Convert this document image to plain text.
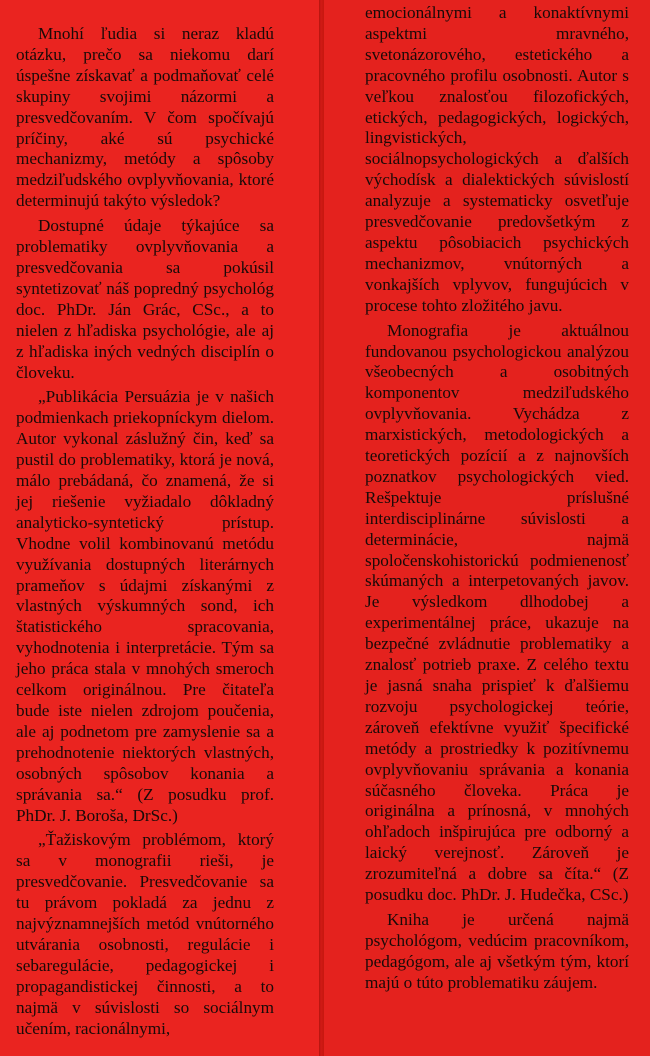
Mnohí ľudia si neraz kladú otázku, prečo sa niekomu darí úspešne získavať a podmaňovať celé skupiny svojimi názormi a presvedčovaním. V čom spočívajú príčiny, aké sú psychické mechanizmy, metódy a spôsoby medziľudského ovplyvňovania, ktoré determinujú takýto výsledok?

Dostupné údaje týkajúce sa problematiky ovplyvňovania a presvedčovania sa pokúsil syntetizovať náš popredný psychológ doc. PhDr. Ján Grác, CSc., a to nielen z hľadiska psychológie, ale aj z hľadiska iných vedných disciplín o človeku.

„Publikácia Persuázia je v našich podmienkach priekopníckym dielom. Autor vykonal záslužný čin, keď sa pustil do problematiky, ktorá je nová, málo prebádaná, čo znamená, že si jej riešenie vyžiadalo dôkladný analyticko-syntetický prístup. Vhodne volil kombinovanú metódu využívania dostupných literárnych prameňov s údajmi získanými z vlastných výskumných sond, ich štatistického spracovania, vyhodnotenia i interpretácie. Tým sa jeho práca stala v mnohých smeroch celkom originálnou. Pre čitateľa bude iste nielen zdrojom poučenia, ale aj podnetom pre zamyslenie sa a prehodnotenie niektorých vlastných, osobných spôsobov konania a správania sa.“ (Z posudku prof. PhDr. J. Boroša, DrSc.)

„Ťažiskovým problémom, ktorý sa v monografii rieši, je presvedčovanie. Presvedčovanie sa tu právom pokladá za jednu z najvýznamnejších metód vnútorného utvárania osobnosti, regulácie i sebaregulácie, pedagogickej i propagandistickej činnosti, a to najmä v súvislosti so sociálnym učením, racionálnymi,

emocionálnymi a konaktívnymi aspektmi mravného, svetonázorového, estetického a pracovného profilu osobnosti. Autor s veľkou znalosťou filozofických, etických, pedagogických, logických, lingvistických, sociálnopsychologických a ďalších východísk a dialektických súvislostí analyzuje a systematicky osvetľuje presvedčovanie predovšetkým z aspektu pôsobiacich psychických mechanizmov, vnútorných a vonkajších vplyvov, fungujúcich v procese tohto zložitého javu.

Monografia je aktuálnou fundovanou psychologickou analýzou všeobecných a osobitných komponentov medziľudského ovplyvňovania. Vychádza z marxistických, metodologických a teoretických pozícií a z najnovších poznatkov psychologických vied. Rešpektuje príslušné interdisciplinárne súvislosti a determinácie, najmä spoločenskohistorickú podmienenosť skúmaných a interpetovaných javov. Je výsledkom dlhodobej a experimentálnej práce, ukazuje na bezpečné zvládnutie problematiky a znalosť potrieb praxe. Z celého textu je jasná snaha prispieť k ďalšiemu rozvoju psychologickej teórie, zároveň efektívne využiť špecifické metódy a prostriedky k pozitívnemu ovplyvňovaniu správania a konania súčasného človeka. Práca je originálna a prínosná, v mnohých ohľadoch inšpirujúca pre odborný a laický verejnosť. Zároveň je zrozumiteľná a dobre sa číta.“ (Z posudku doc. PhDr. J. Hudečka, CSc.)

Kniha je určená najmä psychológom, vedúcim pracovníkom, pedagógom, ale aj všetkým tým, ktorí majú o túto problematiku záujem.
